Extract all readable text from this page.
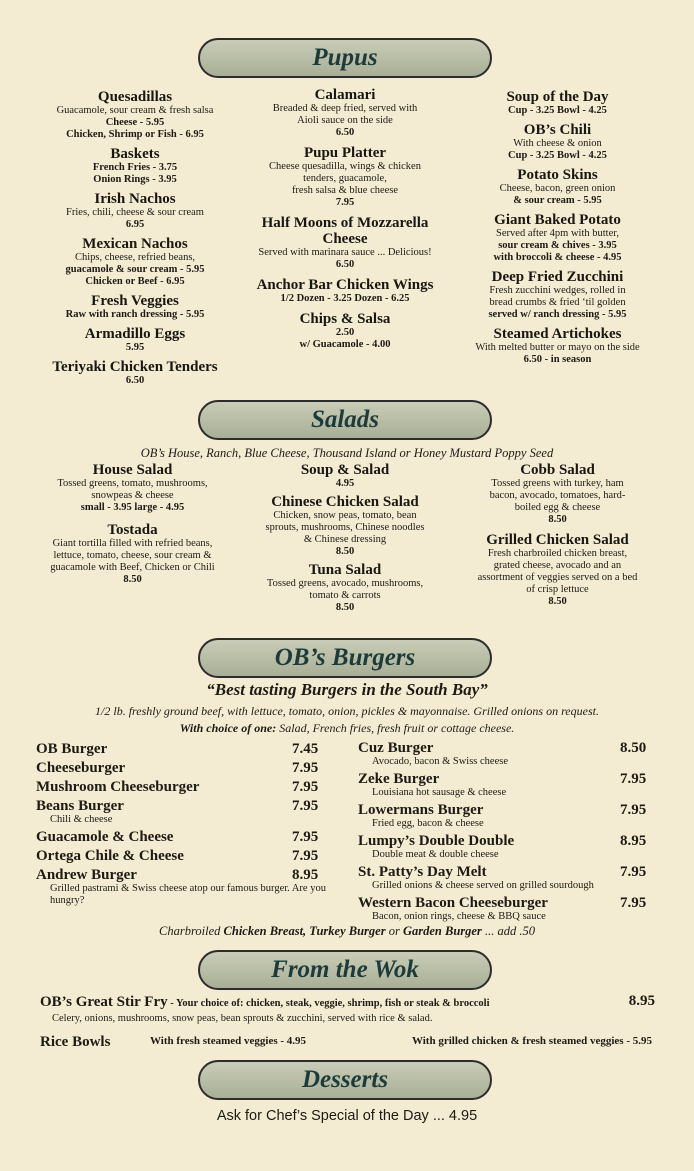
Pupus
Quesadillas
Guacamole, sour cream & fresh salsa
Cheese - 5.95
Chicken, Shrimp or Fish - 6.95
Baskets
French Fries - 3.75
Onion Rings - 3.95
Irish Nachos
Fries, chili, cheese & sour cream
6.95
Mexican Nachos
Chips, cheese, refried beans,
guacamole & sour cream - 5.95
Chicken or Beef - 6.95
Fresh Veggies
Raw with ranch dressing - 5.95
Armadillo Eggs
5.95
Teriyaki Chicken Tenders
6.50
Calamari
Breaded & deep fried, served with
Aioli sauce on the side
6.50
Pupu Platter
Cheese quesadilla, wings & chicken
tenders, guacamole,
fresh salsa & blue cheese
7.95
Half Moons of Mozzarella Cheese
Served with marinara sauce ... Delicious!
6.50
Anchor Bar Chicken Wings
1/2 Dozen - 3.25 Dozen - 6.25
Chips & Salsa
2.50
w/ Guacamole - 4.00
Soup of the Day
Cup - 3.25 Bowl - 4.25
OB’s Chili
With cheese & onion
Cup - 3.25 Bowl - 4.25
Potato Skins
Cheese, bacon, green onion
& sour cream - 5.95
Giant Baked Potato
Served after 4pm with butter,
sour cream & chives - 3.95
with broccoli & cheese - 4.95
Deep Fried Zucchini
Fresh zucchini wedges, rolled in
bread crumbs & fried ‘til golden
served w/ ranch dressing - 5.95
Steamed Artichokes
With melted butter or mayo on the side
6.50 - in season
Salads
OB’s House, Ranch, Blue Cheese, Thousand Island or Honey Mustard Poppy Seed
House Salad
Tossed greens, tomato, mushrooms,
snowpeas & cheese
small - 3.95 large - 4.95
Tostada
Giant tortilla filled with refried beans,
lettuce, tomato, cheese, sour cream &
guacamole with Beef, Chicken or Chili
8.50
Soup & Salad
4.95
Chinese Chicken Salad
Chicken, snow peas, tomato, bean
sprouts, mushrooms, Chinese noodles
& Chinese dressing
8.50
Tuna Salad
Tossed greens, avocado, mushrooms,
tomato & carrots
8.50
Cobb Salad
Tossed greens with turkey, ham
bacon, avocado, tomatoes, hard-
boiled egg & cheese
8.50
Grilled Chicken Salad
Fresh charbroiled chicken breast,
grated cheese, avocado and an
assortment of veggies served on a bed
of crisp lettuce
8.50
OB’s Burgers
“Best tasting Burgers in the South Bay”
1/2 lb. freshly ground beef, with lettuce, tomato, onion, pickles & mayonnaise. Grilled onions on request.
With choice of one: Salad, French fries, fresh fruit or cottage cheese.
OB Burger	7.45
Cheeseburger	7.95
Mushroom Cheeseburger	7.95
Beans Burger	7.95
Chili & cheese
Guacamole & Cheese	7.95
Ortega Chile & Cheese	7.95
Andrew Burger	8.95
Grilled pastrami & Swiss cheese atop our famous burger. Are you hungry?
Cuz Burger	8.50
Avocado, bacon & Swiss cheese
Zeke Burger	7.95
Louisiana hot sausage & cheese
Lowermans Burger	7.95
Fried egg, bacon & cheese
Lumpy’s Double Double	8.95
Double meat & double cheese
St. Patty’s Day Melt	7.95
Grilled onions & cheese served on grilled sourdough
Western Bacon Cheeseburger	7.95
Bacon, onion rings, cheese & BBQ sauce
Charbroiled Chicken Breast, Turkey Burger or Garden Burger ... add .50
From the Wok
OB’s Great Stir Fry - Your choice of: chicken, steak, veggie, shrimp, fish or steak & broccoli	8.95
Celery, onions, mushrooms, snow peas, bean sprouts & zucchini, served with rice & salad.
Rice Bowls	With fresh steamed veggies - 4.95	With grilled chicken & fresh steamed veggies - 5.95
Desserts
Ask for Chef’s Special of the Day ... 4.95
